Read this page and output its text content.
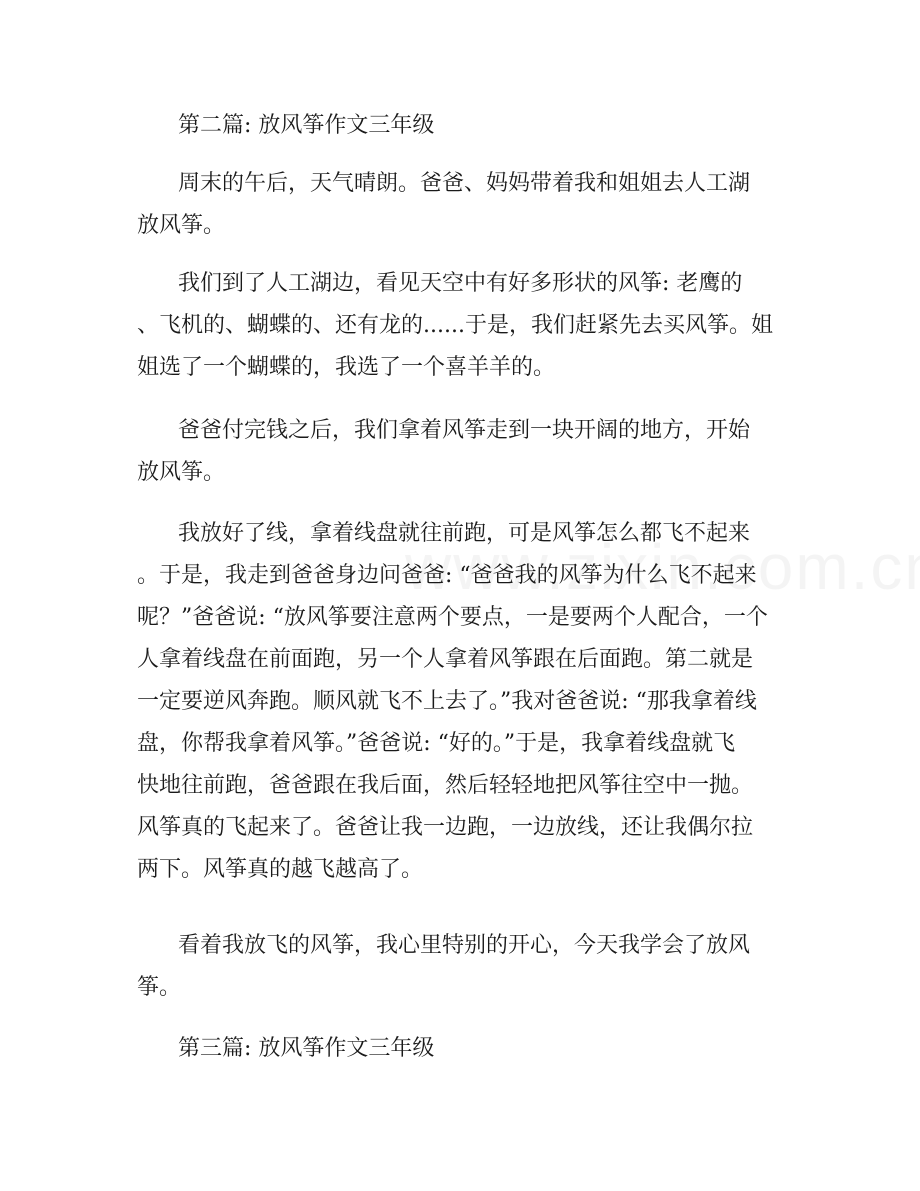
第二篇: 放风筝作文三年级
周末的午后，天气晴朗。爸爸、妈妈带着我和姐姐去人工湖
放风筝。
我们到了人工湖边，看见天空中有好多形状的风筝: 老鹰的
、飞机的、蝴蝶的、还有龙的......于是，我们赶紧先去买风筝。姐
姐选了一个蝴蝶的，我选了一个喜羊羊的。
爸爸付完钱之后，我们拿着风筝走到一块开阔的地方，开始
放风筝。
我放好了线，拿着线盘就往前跑，可是风筝怎么都飞不起来
。于是，我走到爸爸身边问爸爸: “爸爸我的风筝为什么飞不起来
呢？”爸爸说: “放风筝要注意两个要点，一是要两个人配合，一个
人拿着线盘在前面跑，另一个人拿着风筝跟在后面跑。第二就是
一定要逆风奔跑。顺风就飞不上去了。”我对爸爸说: “那我拿着线
盘，你帮我拿着风筝。”爸爸说: “好的。”于是，我拿着线盘就飞
快地往前跑，爸爸跟在我后面，然后轻轻地把风筝往空中一抛。
风筝真的飞起来了。爸爸让我一边跑，一边放线，还让我偶尔拉
两下。风筝真的越飞越高了。
看着我放飞的风筝，我心里特别的开心，今天我学会了放风
筝。
第三篇: 放风筝作文三年级
